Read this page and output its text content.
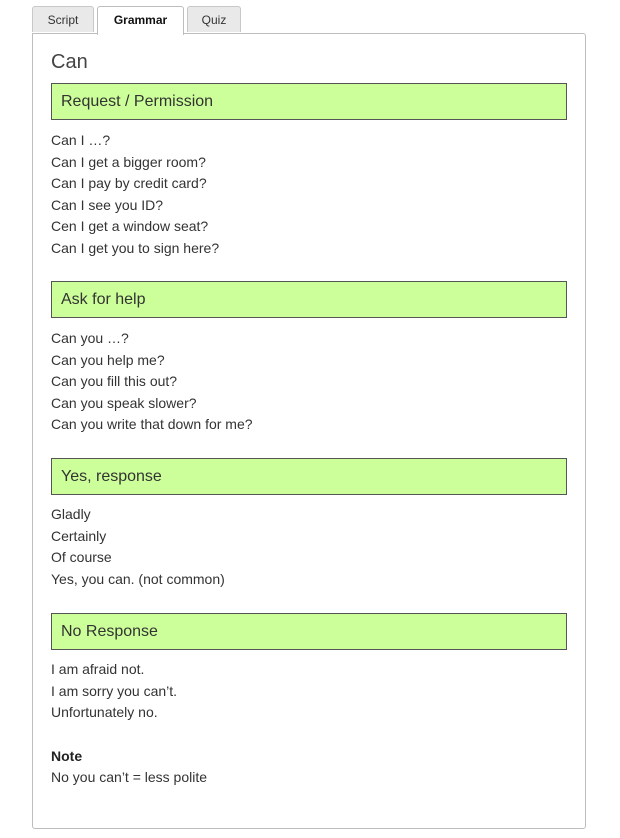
Script	Grammar	Quiz
Can
Request / Permission
Can I …?
Can I get a bigger room?
Can I pay by credit card?
Can I see you ID?
Cen I get a window seat?
Can I get you to sign here?
Ask for help
Can you …?
Can you help me?
Can you fill this out?
Can you speak slower?
Can you write that down for me?
Yes, response
Gladly
Certainly
Of course
Yes, you can. (not common)
No Response
I am afraid not.
I am sorry you can’t.
Unfortunately no.
Note
No you can’t = less polite
